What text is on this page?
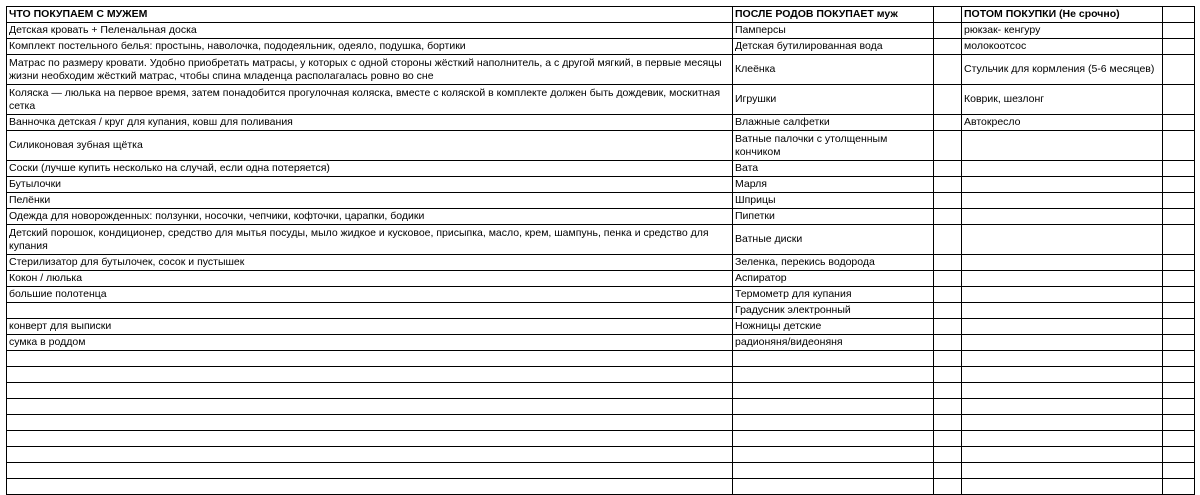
ЧТО ПОКУПАЕМ С МУЖЕМ	ПОСЛЕ РОДОВ ПОКУПАЕТ муж		ПОТОМ ПОКУПКИ (Не срочно)	
Детская кровать + Пеленальная доска	Памперсы		рюкзак- кенгуру	
Комплект постельного белья: простынь, наволочка, пододеяльник, одеяло, подушка, бортики	Детская бутилированная вода		молокоотсос	
Матрас по размеру кровати. Удобно приобретать матрасы, у которых с одной стороны жёсткий наполнитель, а с другой мягкий, в первые месяцы жизни необходим жёсткий матрас, чтобы спина младенца располагалась ровно во сне	Клеёнка		Стульчик для кормления (5-6 месяцев)	
Коляска — люлька на первое время, затем понадобится прогулочная коляска, вместе с коляской в комплекте должен быть дождевик, москитная сетка	Игрушки		Коврик, шезлонг	
Ванночка детская / круг для купания, ковш для поливания	Влажные салфетки		Автокресло	
Силиконовая зубная щётка	Ватные палочки с утолщенным кончиком			
Соски (лучше купить несколько на случай, если одна потеряется)	Вата			
Бутылочки	Марля			
Пелёнки	Шприцы			
Одежда для новорожденных: ползунки, носочки, чепчики, кофточки, царапки, бодики	Пипетки			
Детский порошок, кондиционер, средство для мытья посуды, мыло жидкое и кусковое, присыпка, масло, крем, шампунь, пенка и средство для купания	Ватные диски			
Стерилизатор для бутылочек, сосок и пустышек	Зеленка, перекись водорода			
Кокон / люлька	Аспиратор			
большие полотенца	Термометр для купания			
	Градусник электронный			
конверт для выписки	Ножницы детские			
сумка в роддом	радионяня/видеоняня			
